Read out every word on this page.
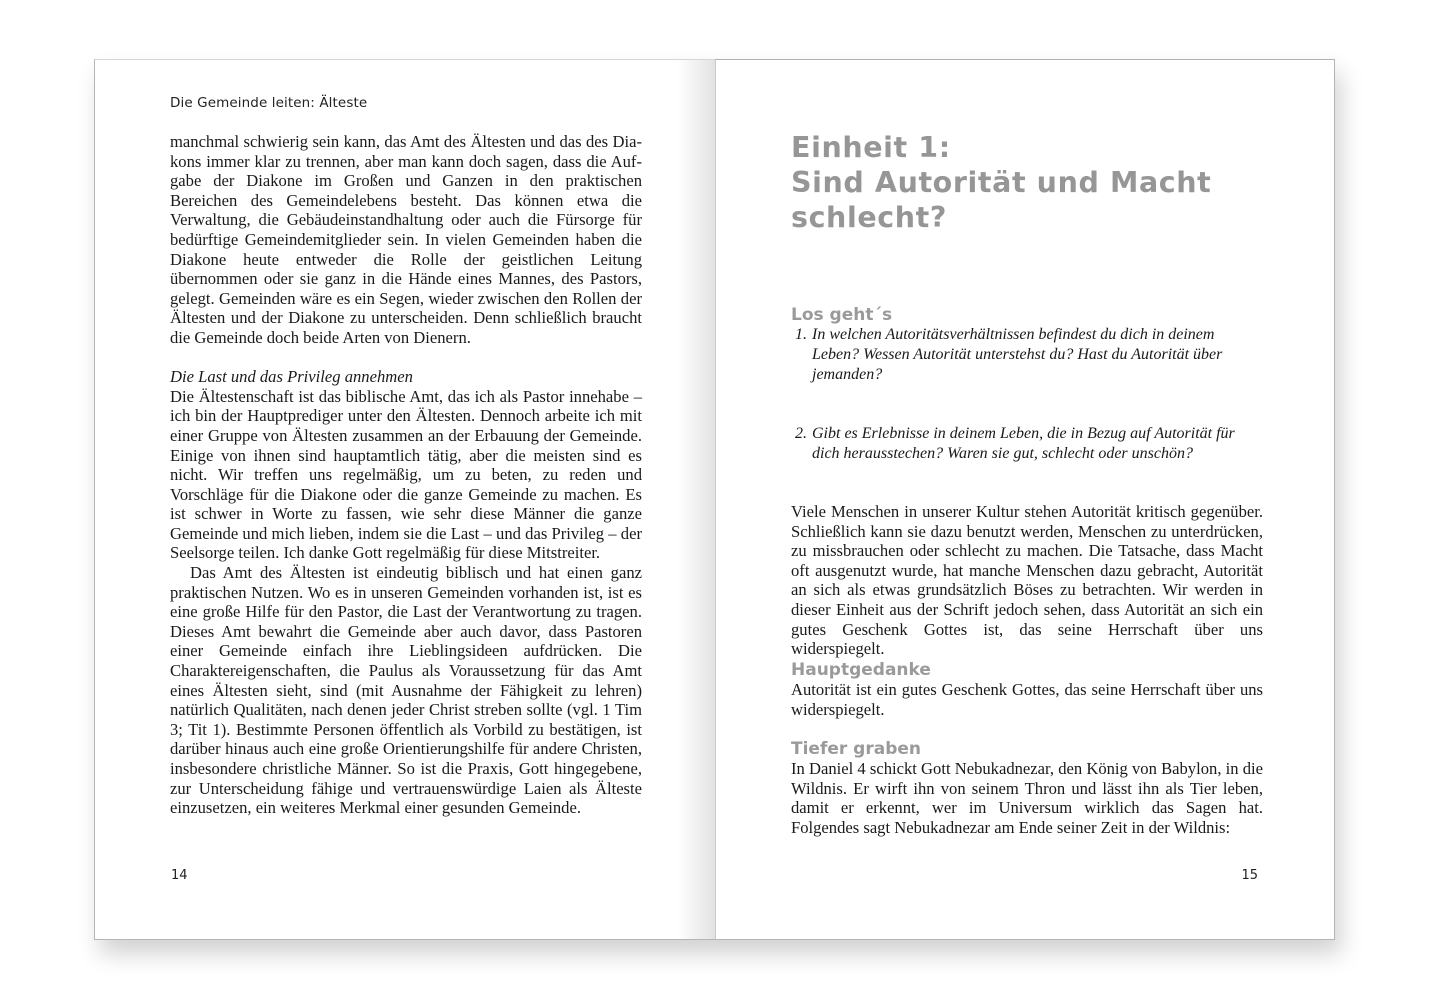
Die Gemeinde leiten: Älteste

manchmal schwierig sein kann, das Amt des Ältesten und das des Diakons immer klar zu trennen, aber man kann doch sagen, dass die Aufgabe der Diakone im Großen und Ganzen in den praktischen Bereichen des Gemeindelebens besteht. Das können etwa die Verwaltung, die Gebäudeinstandhaltung oder auch die Fürsorge für bedürftige Gemeindemitglieder sein. In vielen Gemeinden haben die Diakone heute entweder die Rolle der geistlichen Leitung übernommen oder sie ganz in die Hände eines Mannes, des Pastors, gelegt. Gemeinden wäre es ein Segen, wieder zwischen den Rollen der Ältesten und der Diakone zu unterscheiden. Denn schließlich braucht die Gemeinde doch beide Arten von Dienern.

Die Last und das Privileg annehmen

Die Ältestenschaft ist das biblische Amt, das ich als Pastor innehabe – ich bin der Hauptprediger unter den Ältesten. Dennoch arbeite ich mit einer Gruppe von Ältesten zusammen an der Erbauung der Gemeinde. Einige von ihnen sind hauptamtlich tätig, aber die meisten sind es nicht. Wir treffen uns regelmäßig, um zu beten, zu reden und Vorschläge für die Diakone oder die ganze Gemeinde zu machen. Es ist schwer in Worte zu fassen, wie sehr diese Männer die ganze Gemeinde und mich lieben, indem sie die Last – und das Privileg – der Seelsorge teilen. Ich danke Gott regelmäßig für diese Mitstreiter.

Das Amt des Ältesten ist eindeutig biblisch und hat einen ganz praktischen Nutzen. Wo es in unseren Gemeinden vorhanden ist, ist es eine große Hilfe für den Pastor, die Last der Verantwortung zu tragen. Dieses Amt bewahrt die Gemeinde aber auch davor, dass Pastoren einer Gemeinde einfach ihre Lieblingsideen aufdrücken. Die Charaktereigenschaften, die Paulus als Voraussetzung für das Amt eines Ältesten sieht, sind (mit Ausnahme der Fähigkeit zu lehren) natürlich Qualitäten, nach denen jeder Christ streben sollte (vgl. 1 Tim 3; Tit 1). Bestimmte Personen öffentlich als Vorbild zu bestätigen, ist darüber hinaus auch eine große Orientierungshilfe für andere Christen, insbesondere christliche Männer. So ist die Praxis, Gott hingegebene, zur Unterscheidung fähige und vertrauenswürdige Laien als Älteste einzusetzen, ein weiteres Merkmal einer gesunden Gemeinde.

14
Einheit 1:
Sind Autorität und Macht
schlecht?
Los geht´s
1. In welchen Autoritätsverhältnissen befindest du dich in deinem Leben? Wessen Autorität unterstehst du? Hast du Autorität über jemanden?
2. Gibt es Erlebnisse in deinem Leben, die in Bezug auf Autorität für dich herausstechen? Waren sie gut, schlecht oder unschön?

Viele Menschen in unserer Kultur stehen Autorität kritisch gegenüber. Schließlich kann sie dazu benutzt werden, Menschen zu unterdrücken, zu missbrauchen oder schlecht zu machen. Die Tatsache, dass Macht oft ausgenutzt wurde, hat manche Menschen dazu gebracht, Autorität an sich als etwas grundsätzlich Böses zu betrachten. Wir werden in dieser Einheit aus der Schrift jedoch sehen, dass Autorität an sich ein gutes Geschenk Gottes ist, das seine Herrschaft über uns widerspiegelt.

Hauptgedanke

Autorität ist ein gutes Geschenk Gottes, das seine Herrschaft über uns widerspiegelt.

Tiefer graben

In Daniel 4 schickt Gott Nebukadnezar, den König von Babylon, in die Wildnis. Er wirft ihn von seinem Thron und lässt ihn als Tier leben, damit er erkennt, wer im Universum wirklich das Sagen hat. Folgendes sagt Nebukadnezar am Ende seiner Zeit in der Wildnis:

15
